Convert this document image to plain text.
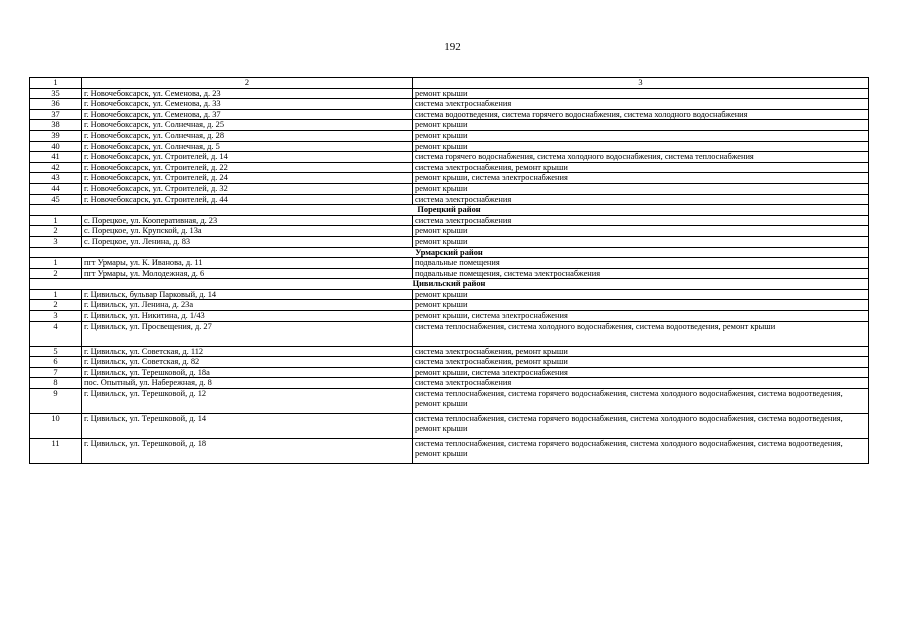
192
1	2	3
35	г. Новочебоксарск, ул. Семенова, д. 23	ремонт крыши
36	г. Новочебоксарск, ул. Семенова, д. 33	система электроснабжения
37	г. Новочебоксарск, ул. Семенова, д. 37	система водоотведения, система горячего водоснабжения, система холодного водоснабжения
38	г. Новочебоксарск, ул. Солнечная, д. 25	ремонт крыши
39	г. Новочебоксарск, ул. Солнечная, д. 28	ремонт крыши
40	г. Новочебоксарск, ул. Солнечная, д. 5	ремонт крыши
41	г. Новочебоксарск, ул. Строителей, д. 14	система горячего водоснабжения, система холодного водоснабжения, система теплоснабжения
42	г. Новочебоксарск, ул. Строителей, д. 22	система электроснабжения, ремонт крыши
43	г. Новочебоксарск, ул. Строителей, д. 24	ремонт крыши, система электроснабжения
44	г. Новочебоксарск, ул. Строителей, д. 32	ремонт крыши
45	г. Новочебоксарск, ул. Строителей, д. 44	система электроснабжения
Порецкий район		
1	с. Порецкое, ул. Кооперативная, д. 23	система электроснабжения
2	с. Порецкое, ул. Крупской, д. 13а	ремонт крыши
3	с. Порецкое, ул. Ленина, д. 83	ремонт крыши
Урмарский район		
1	пгт Урмары, ул. К. Иванова, д. 11	подвальные помещения
2	пгт Урмары, ул. Молодежная, д. 6	подвальные помещения, система электроснабжения
Цивильский район		
1	г. Цивильск, бульвар Парковый, д. 14	ремонт крыши
2	г. Цивильск, ул. Ленина, д. 23а	ремонт крыши
3	г. Цивильск, ул. Никитина, д. 1/43	ремонт крыши, система электроснабжения
4	г. Цивильск, ул. Просвещения, д. 27	система теплоснабжения, система холодного водоснабжения, система водоотведения, ремонт крыши
5	г. Цивильск, ул. Советская, д. 112	система электроснабжения, ремонт крыши
6	г. Цивильск, ул. Советская, д. 82	система электроснабжения, ремонт крыши
7	г. Цивильск, ул. Терешковой, д. 18а	ремонт крыши, система электроснабжения
8	пос. Опытный, ул. Набережная, д. 8	система электроснабжения
9	г. Цивильск, ул. Терешковой, д. 12	система теплоснабжения, система горячего водоснабжения, система холодного водоснабжения, система водоотведения, ремонт крыши
10	г. Цивильск, ул. Терешковой, д. 14	система теплоснабжения, система горячего водоснабжения, система холодного водоснабжения, система водоотведения, ремонт крыши
11	г. Цивильск, ул. Терешковой, д. 18	система теплоснабжения, система горячего водоснабжения, система холодного водоснабжения, система водоотведения, ремонт крыши
